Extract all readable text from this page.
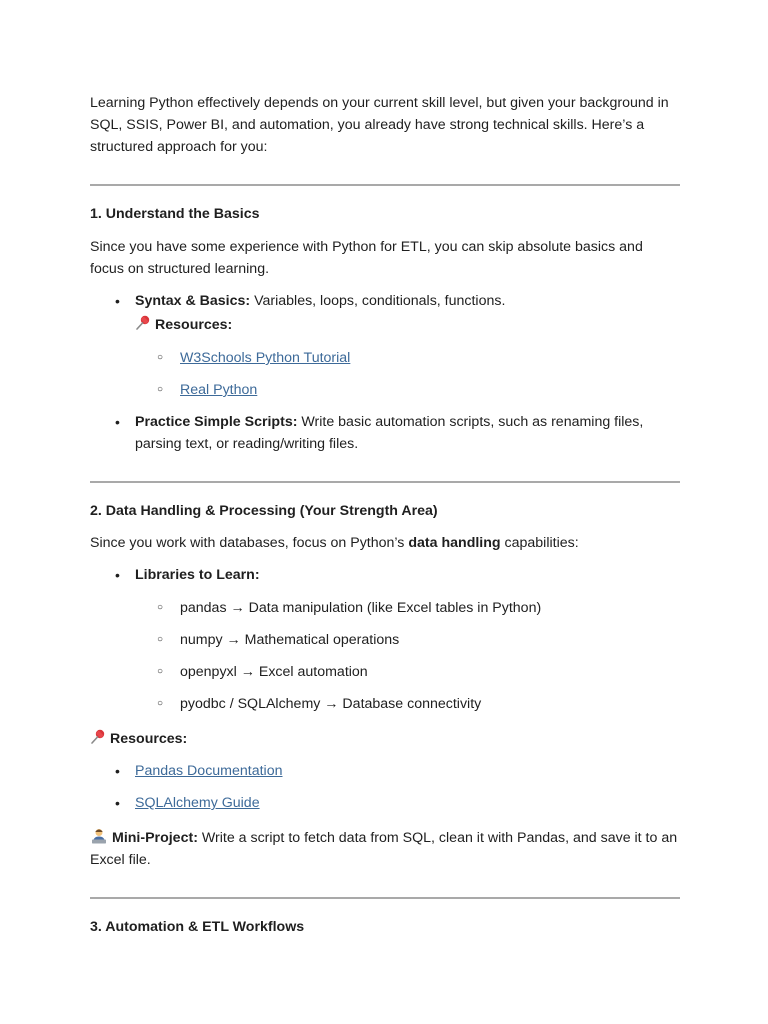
Learning Python effectively depends on your current skill level, but given your background in SQL, SSIS, Power BI, and automation, you already have strong technical skills. Here’s a structured approach for you:

1. Understand the Basics

Since you have some experience with Python for ETL, you can skip absolute basics and focus on structured learning.

• Syntax & Basics: Variables, loops, conditionals, functions.
Resources:
○ W3Schools Python Tutorial
○ Real Python
• Practice Simple Scripts: Write basic automation scripts, such as renaming files, parsing text, or reading/writing files.
2. Data Handling & Processing (Your Strength Area)

Since you work with databases, focus on Python’s data handling capabilities:

• Libraries to Learn:
○ pandas → Data manipulation (like Excel tables in Python)
○ numpy → Mathematical operations
○ openpyxl → Excel automation
○ pyodbc / SQLAlchemy → Database connectivity

Resources:

• Pandas Documentation
• SQLAlchemy Guide

Mini-Project: Write a script to fetch data from SQL, clean it with Pandas, and save it to an Excel file.

3. Automation & ETL Workflows
